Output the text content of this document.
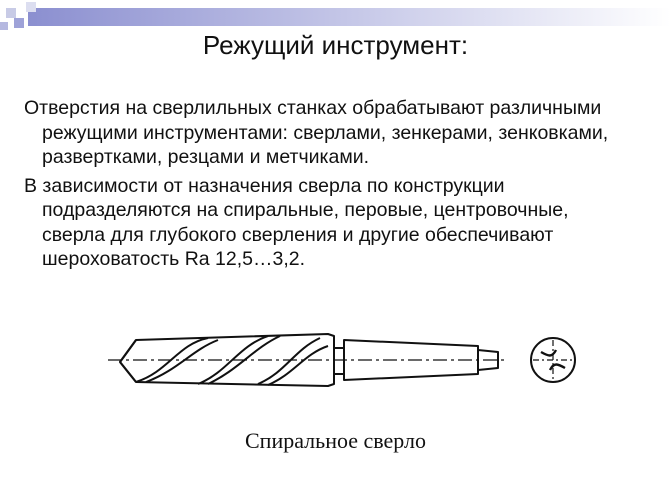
Режущий инструмент:

Отверстия на сверлильных станках обрабатывают различными режущими инструментами: сверлами, зенкерами, зенковками, развертками, резцами и метчиками.

В зависимости от назначения сверла по конструкции подразделяются на спиральные, перовые, центровочные, сверла для глубокого сверления и другие обеспечивают шероховатость Ra 12,5…3,2.

Спиральное сверло
